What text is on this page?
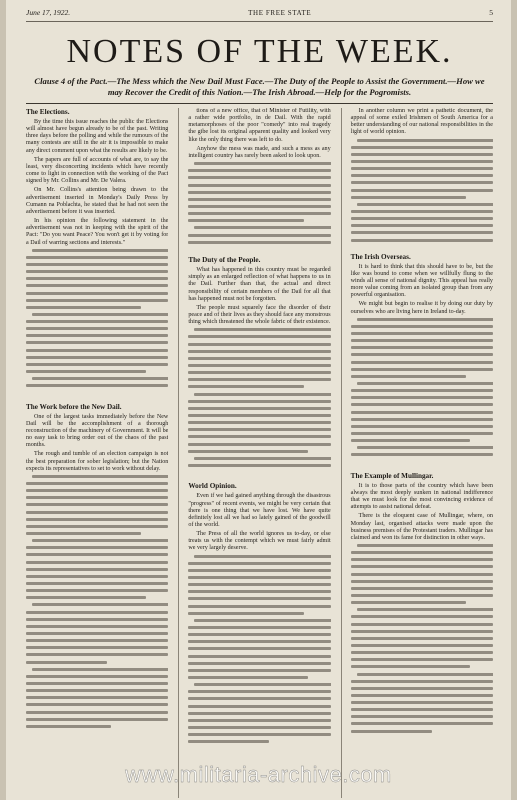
June 17, 1922.	THE FREE STATE	5
NOTES OF THE WEEK.
Clause 4 of the Pact.—The Mess which the New Dail Must Face.—The Duty of the People to Assist the Government.—How we may Recover the Credit of this Nation.—The Irish Abroad.—Help for the Pogromists.
The Elections.

By the time this issue reaches the public the Elections will almost have begun already to be of the past. Writing three days before the polling and while the rumours of the many contests are still in the air it is impossible to make any direct comment upon what the results are likely to be.

The papers are full of accounts of what are, to say the least, very disconcerting incidents which have recently come to light in connection with the working of the Pact signed by Mr. Collins and Mr. De Valera.

On Mr. Collins's attention being drawn to the advertisement inserted in Monday's Daily Press by Cumann na Poblachta, he stated that he had not seen the advertisement before it was inserted.

In his opinion the following statement in the advertisement was not in keeping with the spirit of the Pact: "Do you want Peace? You won't get it by voting for a Dail of warring sections and interests."

The Work before the New Dail.

One of the largest tasks immediately before the New Dail will be the accomplishment of a thorough reconstruction of the machinery of Government. It will be no easy task to bring order out of the chaos of the past months.

The rough and tumble of an election campaign is not the best preparation for sober legislation; but the Nation expects its representatives to set to work without delay.

tions of a new office, that of Minister of Futility, with a rather wide portfolio, in de Dail. With the rapid metamorphoses of the poor "comedy" into real tragedy the gibe lost its original apparent quality and looked very like the only thing there was left to do.

Anyhow the mess was made, and such a mess as any intelligent country has rarely been asked to look upon.

The Duty of the People.

What has happened in this country must be regarded simply as an enlarged reflection of what happens to us in the Dail. Further than that, the actual and direct responsibility of certain members of the Dail for all that has happened must not be forgotten.

The people must squarely face the disorder of their peace and of their lives as they should face any monstrous thing which threatened the whole fabric of their existence.

World Opinion.

Even if we had gained anything through the disastrous "progress" of recent events, we might be very certain that there is one thing that we have lost. We have quite definitely lost all we had so lately gained of the goodwill of the world.

The Press of all the world ignores us to-day, or else treats us with the contempt which we must fairly admit we very largely deserve.

In another column we print a pathetic document, the appeal of some exiled Irishmen of South America for a better understanding of our national responsibilities in the light of world opinion.

The Irish Overseas.

It is hard to think that this should have to be, but the like was bound to come when we willfully flung to the winds all sense of national dignity. This appeal has really more value coming from an isolated group than from any powerful organisation.

We might but begin to realise it by doing our duty by ourselves who are living here in Ireland to-day.

The Example of Mullingar.

It is to those parts of the country which have been always the most deeply sunken in national indifference that we must look for the most convincing evidence of attempts to assist national defeat.

There is the eloquent case of Mullingar, where, on Monday last, organised attacks were made upon the business premises of the Protestant traders. Mullingar has claimed and won its fame for distinction in other ways.

www.militaria-archive.com
